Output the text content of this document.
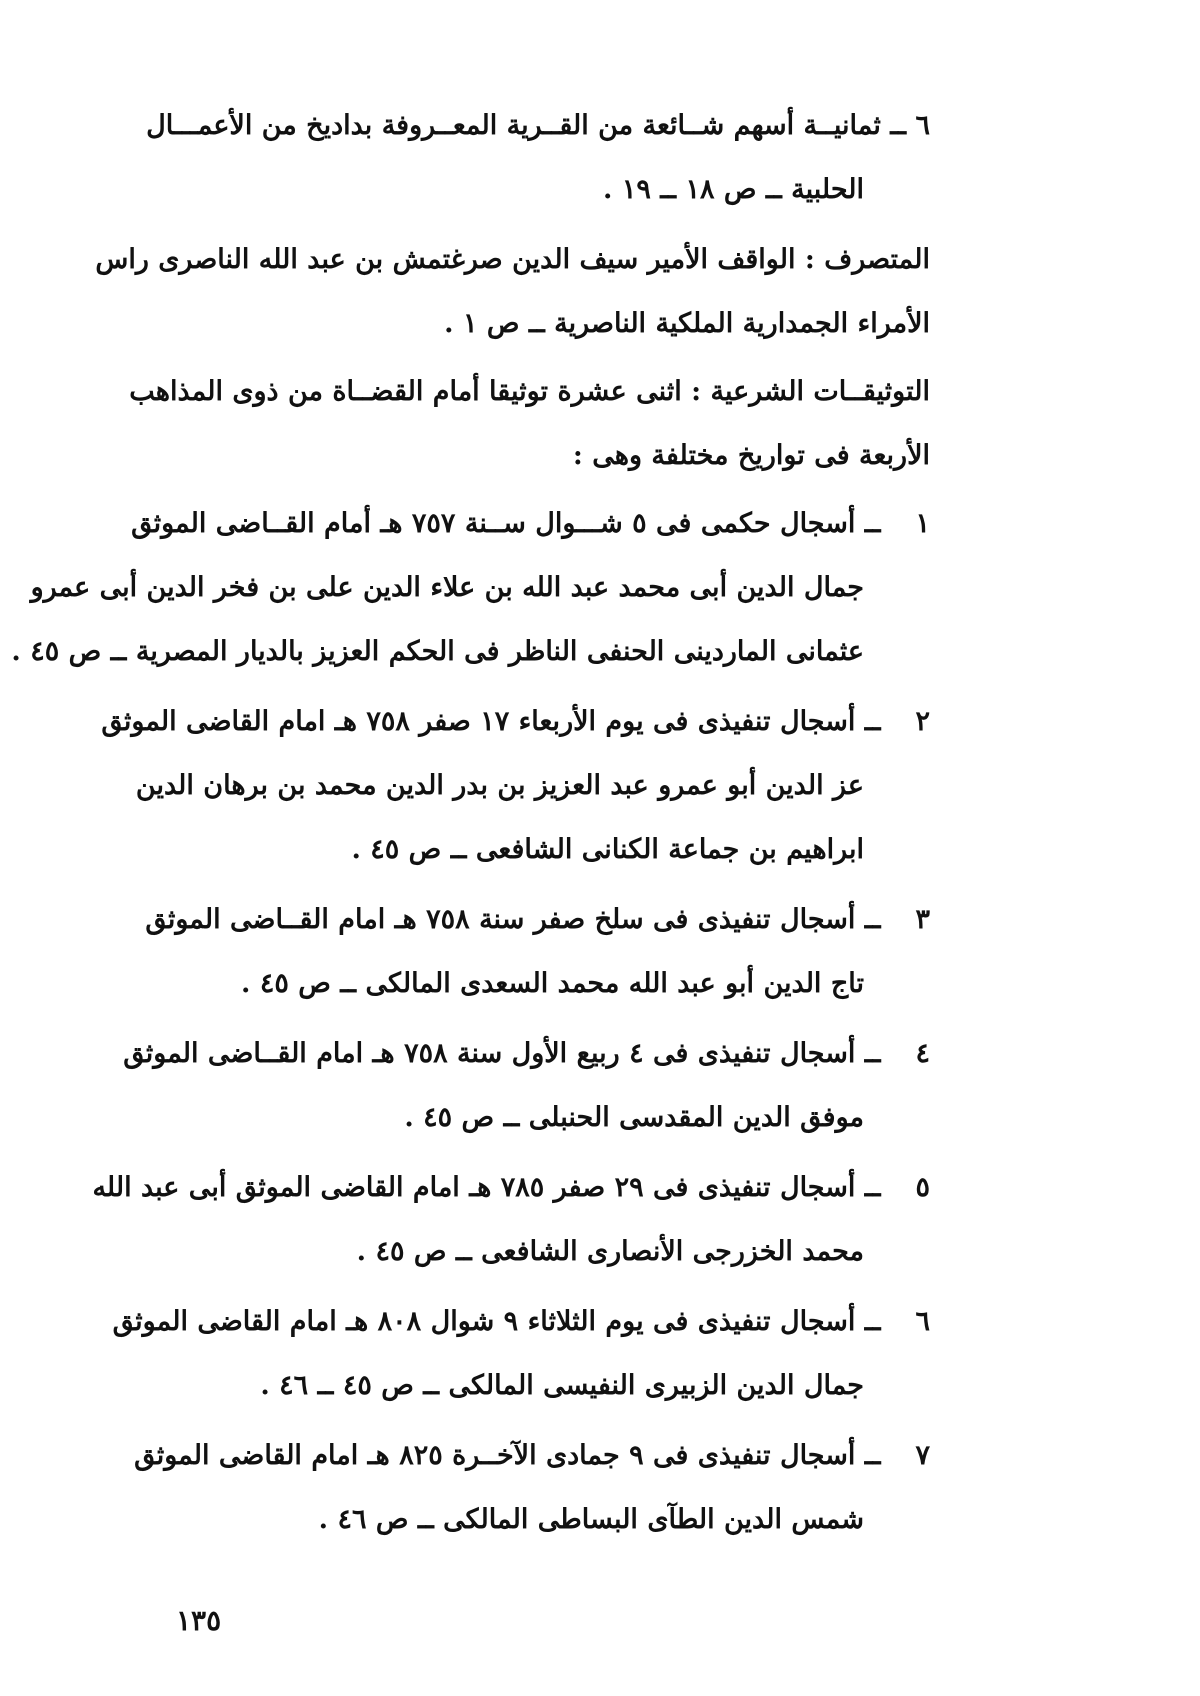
٦ ــ ثمانيــة أسهم شــائعة من القــرية المعــروفة بداديخ من الأعمـــال
الحلبية ــ ص ١٨ ــ ١٩ .
المتصرف : الواقف الأمير سيف الدين صرغتمش بن عبد الله الناصرى راس
الأمراء الجمدارية الملكية الناصرية ــ ص ١ .
التوثيقــات الشرعية : اثنى عشرة توثيقا أمام القضــاة من ذوى المذاهب
الأربعة فى تواريخ مختلفة وهى :
١ ــ أسجال حكمى فى ٥ شـــوال ســنة ٧٥٧ هـ أمام القــاضى الموثق
جمال الدين أبى محمد عبد الله بن علاء الدين على بن فخر الدين أبى عمرو
عثمانى الماردينى الحنفى الناظر فى الحكم العزيز بالديار المصرية ــ ص ٤٥ .
٢ ــ أسجال تنفيذى فى يوم الأربعاء ١٧ صفر ٧٥٨ هـ امام القاضى الموثق
عز الدين أبو عمرو عبد العزيز بن بدر الدين محمد بن برهان الدين
ابراهيم بن جماعة الكنانى الشافعى ــ ص ٤٥ .
٣ ــ أسجال تنفيذى فى سلخ صفر سنة ٧٥٨ هـ امام القــاضى الموثق
تاج الدين أبو عبد الله محمد السعدى المالكى ــ ص ٤٥ .
٤ ــ أسجال تنفيذى فى ٤ ربيع الأول سنة ٧٥٨ هـ امام القــاضى الموثق
موفق الدين المقدسى الحنبلى ــ ص ٤٥ .
٥ ــ أسجال تنفيذى فى ٢٩ صفر ٧٨٥ هـ امام القاضى الموثق أبى عبد الله
محمد الخزرجى الأنصارى الشافعى ــ ص ٤٥ .
٦ ــ أسجال تنفيذى فى يوم الثلاثاء ٩ شوال ٨٠٨ هـ امام القاضى الموثق
جمال الدين الزبيرى النفيسى المالكى ــ ص ٤٥ ــ ٤٦ .
٧ ــ أسجال تنفيذى فى ٩ جمادى الآخــرة ٨٢٥ هـ امام القاضى الموثق
شمس الدين الطآى البساطى المالكى ــ ص ٤٦ .
١٣٥
